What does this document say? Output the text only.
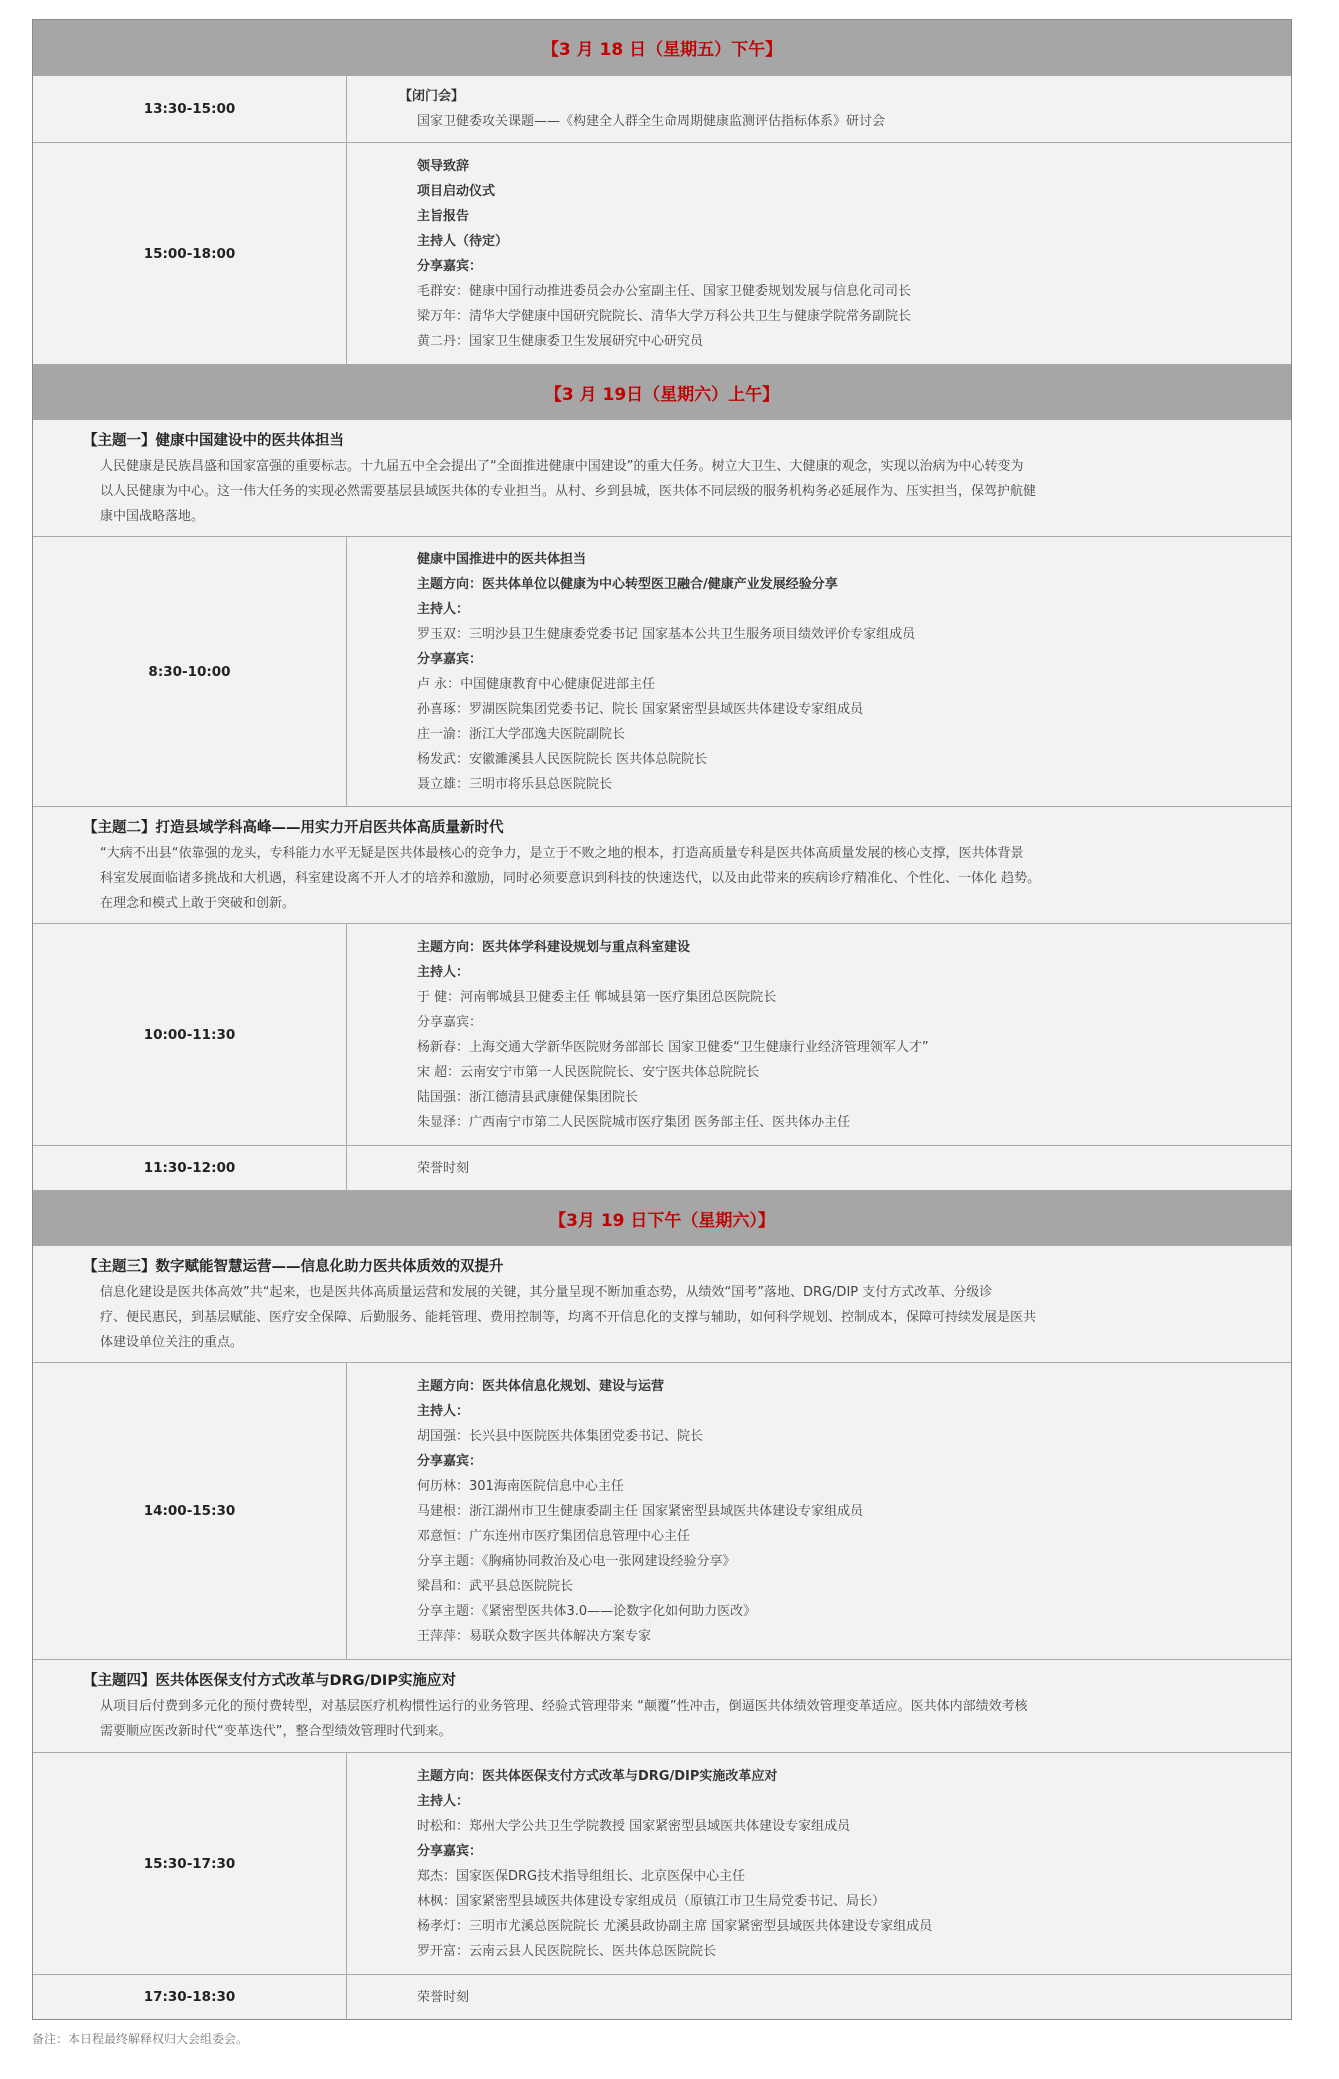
【3 月 18 日（星期五）下午】
13:30-15:00
【闭门会】
国家卫健委攻关课题——《构建全人群全生命周期健康监测评估指标体系》研讨会
15:00-18:00
领导致辞
项目启动仪式
主旨报告
主持人（待定）
分享嘉宾：
毛群安：健康中国行动推进委员会办公室副主任、国家卫健委规划发展与信息化司司长
梁万年：清华大学健康中国研究院院长、清华大学万科公共卫生与健康学院常务副院长
黄二丹：国家卫生健康委卫生发展研究中心研究员
【3 月 19日（星期六）上午】
【主题一】健康中国建设中的医共体担当
人民健康是民族昌盛和国家富强的重要标志。十九届五中全会提出了“全面推进健康中国建设”的重大任务。树立大卫生、大健康的观念，实现以治病为中心转变为
以人民健康为中心。这一伟大任务的实现必然需要基层县域医共体的专业担当。从村、乡到县城，医共体不同层级的服务机构务必延展作为、压实担当，保驾护航健
康中国战略落地。
8:30-10:00
健康中国推进中的医共体担当
主题方向：医共体单位以健康为中心转型医卫融合/健康产业发展经验分享
主持人：
罗玉双：三明沙县卫生健康委党委书记 国家基本公共卫生服务项目绩效评价专家组成员
分享嘉宾：
卢 永：中国健康教育中心健康促进部主任
孙喜琢：罗湖医院集团党委书记、院长 国家紧密型县域医共体建设专家组成员
庄一渝：浙江大学邵逸夫医院副院长
杨发武：安徽濉溪县人民医院院长 医共体总院院长
聂立雄：三明市将乐县总医院院长
【主题二】打造县域学科高峰——用实力开启医共体高质量新时代
“大病不出县“依靠强的龙头，专科能力水平无疑是医共体最核心的竞争力，是立于不败之地的根本，打造高质量专科是医共体高质量发展的核心支撑，医共体背景
科室发展面临诸多挑战和大机遇，科室建设离不开人才的培养和激励，同时必须要意识到科技的快速迭代，以及由此带来的疾病诊疗精准化、个性化、一体化 趋势。
在理念和模式上敢于突破和创新。
10:00-11:30
主题方向：医共体学科建设规划与重点科室建设
主持人：
于 健：河南郸城县卫健委主任 郸城县第一医疗集团总医院院长
分享嘉宾：
杨新春：上海交通大学新华医院财务部部长 国家卫健委“卫生健康行业经济管理领军人才”
宋 超：云南安宁市第一人民医院院长、安宁医共体总院院长
陆国强：浙江德清县武康健保集团院长
朱显泽：广西南宁市第二人民医院城市医疗集团 医务部主任、医共体办主任
11:30-12:00	荣誉时刻
【3月 19 日下午（星期六）】
【主题三】数字赋能智慧运营——信息化助力医共体质效的双提升
信息化建设是医共体高效”共“起来，也是医共体高质量运营和发展的关键，其分量呈现不断加重态势，从绩效“国考”落地、DRG/DIP 支付方式改革、分级诊
疗、便民惠民，到基层赋能、医疗安全保障、后勤服务、能耗管理、费用控制等，均离不开信息化的支撑与辅助，如何科学规划、控制成本，保障可持续发展是医共
体建设单位关注的重点。
14:00-15:30
主题方向：医共体信息化规划、建设与运营
主持人：
胡国强：长兴县中医院医共体集团党委书记、院长
分享嘉宾：
何历林：301海南医院信息中心主任
马建根：浙江湖州市卫生健康委副主任 国家紧密型县域医共体建设专家组成员
邓意恒：广东连州市医疗集团信息管理中心主任
分享主题：《胸痛协同救治及心电一张网建设经验分享》
梁昌和：武平县总医院院长
分享主题：《紧密型医共体3.0——论数字化如何助力医改》
王萍萍：易联众数字医共体解决方案专家
【主题四】医共体医保支付方式改革与DRG/DIP实施应对
从项目后付费到多元化的预付费转型，对基层医疗机构惯性运行的业务管理、经验式管理带来 “颠覆”性冲击，倒逼医共体绩效管理变革适应。医共体内部绩效考核
需要顺应医改新时代“变革迭代”，整合型绩效管理时代到来。
15:30-17:30
主题方向：医共体医保支付方式改革与DRG/DIP实施改革应对
主持人：
时松和：郑州大学公共卫生学院教授 国家紧密型县域医共体建设专家组成员
分享嘉宾：
郑杰：国家医保DRG技术指导组组长、北京医保中心主任
林枫：国家紧密型县域医共体建设专家组成员（原镇江市卫生局党委书记、局长）
杨孝灯：三明市尤溪总医院院长 尤溪县政协副主席 国家紧密型县域医共体建设专家组成员
罗开富：云南云县人民医院院长、医共体总医院院长
17:30-18:30	荣誉时刻
备注：本日程最终解释权归大会组委会。
